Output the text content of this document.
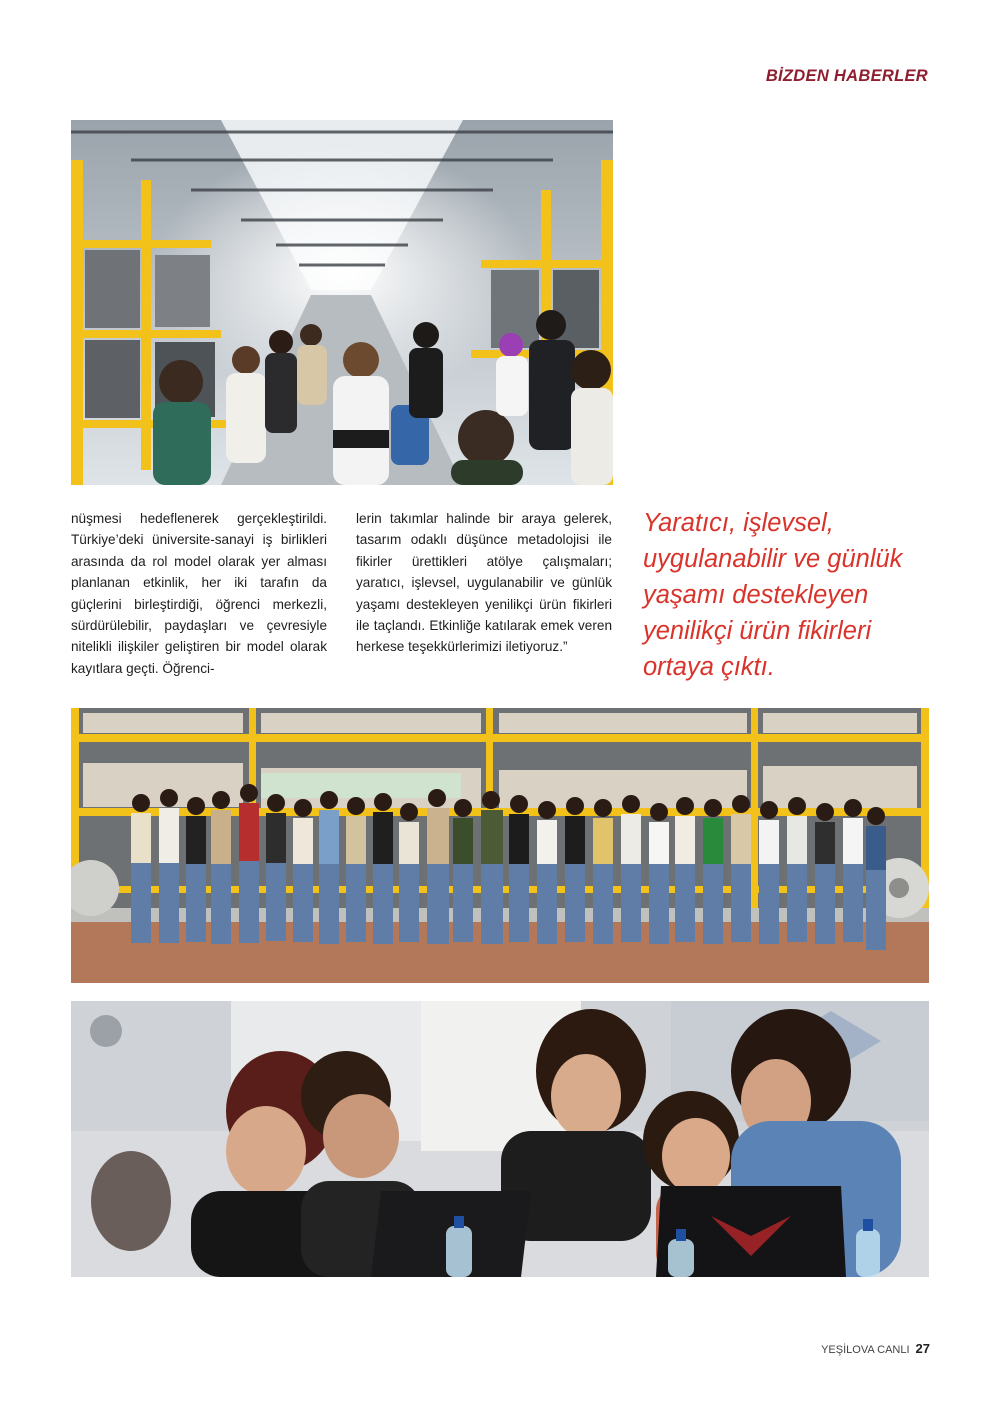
BİZDEN HABERLER

nüşmesi hedeflenerek gerçekleştirildi. Türkiye’deki üniversite-sanayi iş birlikleri arasında da rol model olarak yer alması planlanan etkinlik, her iki tarafın da güçlerini birleştirdiği, öğrenci merkezli, sürdürülebilir, paydaşları ve çevresiyle nitelikli ilişkiler geliştiren bir model olarak kayıtlara geçti. Öğrenci-

lerin takımlar halinde bir araya gelerek, tasarım odaklı düşünce metadolojisi ile fikirler ürettikleri atölye çalışmaları; yaratıcı, işlevsel, uygulanabilir ve günlük yaşamı destekleyen yenilikçi ürün fikirleri ile taçlandı. Etkinliğe katılarak emek veren herkese teşekkürlerimizi iletiyoruz.”

Yaratıcı, işlevsel, uygulanabilir ve günlük yaşamı destekleyen yenilikçi ürün fikirleri ortaya çıktı.
YEŞİLOVA CANLI 27
